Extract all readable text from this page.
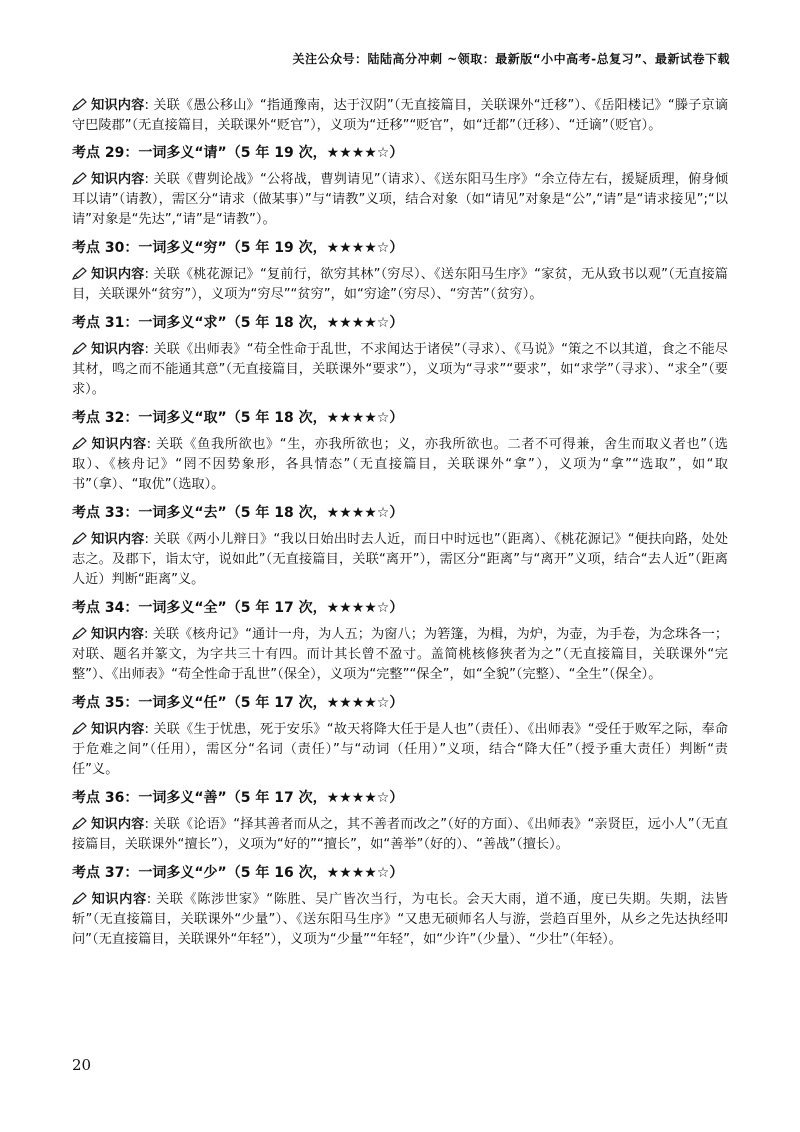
关注公众号：陆陆高分冲刺 ~领取：最新版“小中高考-总复习”、最新试卷下载

知识内容: 关联《愚公移山》“指通豫南，达于汉阴”（无直接篇目，关联课外“迁移”）、《岳阳楼记》“滕子京谪守巴陵郡”（无直接篇目，关联课外“贬官”），义项为“迁移”“贬官”，如“迁都”（迁移）、“迁谪”（贬官）。

考点 29：一词多义“请”（5 年 19 次，★★★★☆）

知识内容: 关联《曹刿论战》“公将战，曹刿请见”（请求）、《送东阳马生序》“余立侍左右，援疑质理，俯身倾耳以请”（请教），需区分“请求（做某事）”与“请教”义项，结合对象（如“请见”对象是“公”,“请”是“请求接见”;“以请”对象是“先达”,“请”是“请教”）。

考点 30：一词多义“穷”（5 年 19 次，★★★★☆）

知识内容: 关联《桃花源记》“复前行，欲穷其林”（穷尽）、《送东阳马生序》“家贫，无从致书以观”（无直接篇目，关联课外“贫穷”），义项为“穷尽”“贫穷”，如“穷途”（穷尽）、“穷苦”（贫穷）。

考点 31：一词多义“求”（5 年 18 次，★★★★☆）

知识内容: 关联《出师表》“苟全性命于乱世，不求闻达于诸侯”（寻求）、《马说》“策之不以其道，食之不能尽其材，鸣之而不能通其意”（无直接篇目，关联课外“要求”），义项为“寻求”“要求”，如“求学”（寻求）、“求全”（要求）。

考点 32：一词多义“取”（5 年 18 次，★★★★☆）

知识内容: 关联《鱼我所欲也》“生，亦我所欲也；义，亦我所欲也。二者不可得兼，舍生而取义者也”（选取）、《核舟记》“罔不因势象形，各具情态”（无直接篇目，关联课外“拿”），义项为“拿”“选取”，如“取书”（拿）、“取优”（选取）。

考点 33：一词多义“去”（5 年 18 次，★★★★☆）

知识内容: 关联《两小儿辩日》“我以日始出时去人近，而日中时远也”（距离）、《桃花源记》“便扶向路，处处志之。及郡下，诣太守，说如此”（无直接篇目，关联“离开”），需区分“距离”与“离开”义项，结合“去人近”（距离人近）判断“距离”义。

考点 34：一词多义“全”（5 年 17 次，★★★★☆）

知识内容: 关联《核舟记》“通计一舟，为人五；为窗八；为箬篷，为楫，为炉，为壶，为手卷，为念珠各一；对联、题名并篆文，为字共三十有四。而计其长曾不盈寸。盖简桃核修狭者为之”（无直接篇目，关联课外“完整”）、《出师表》“苟全性命于乱世”（保全），义项为“完整”“保全”，如“全貌”（完整）、“全生”（保全）。

考点 35：一词多义“任”（5 年 17 次，★★★★☆）

知识内容: 关联《生于忧患，死于安乐》“故天将降大任于是人也”（责任）、《出师表》“受任于败军之际，奉命于危难之间”（任用），需区分“名词（责任）”与“动词（任用）”义项，结合“降大任”（授予重大责任）判断“责任”义。

考点 36：一词多义“善”（5 年 17 次，★★★★☆）

知识内容: 关联《论语》“择其善者而从之，其不善者而改之”（好的方面）、《出师表》“亲贤臣，远小人”（无直接篇目，关联课外“擅长”），义项为“好的”“擅长”，如“善举”（好的）、“善战”（擅长）。

考点 37：一词多义“少”（5 年 16 次，★★★★☆）

知识内容: 关联《陈涉世家》“陈胜、吴广皆次当行，为屯长。会天大雨，道不通，度已失期。失期，法皆斩”（无直接篇目，关联课外“少量”）、《送东阳马生序》“又患无硕师名人与游，尝趋百里外，从乡之先达执经叩问”（无直接篇目，关联课外“年轻”），义项为“少量”“年轻”，如“少许”（少量）、“少壮”（年轻）。

20
